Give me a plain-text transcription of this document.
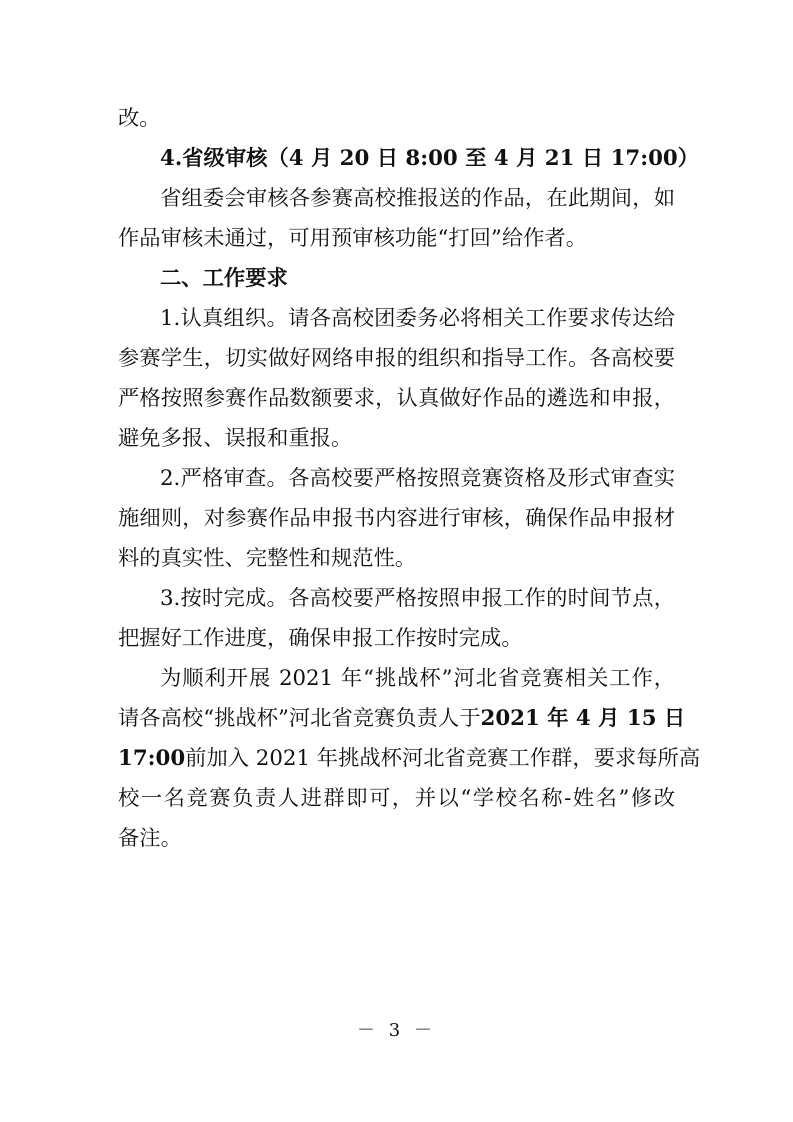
改。
4.省级审核（4 月 20 日 8:00 至 4 月 21 日 17:00）
省组委会审核各参赛高校推报送的作品，在此期间，如
作品审核未通过，可用预审核功能“打回”给作者。
二、工作要求
1.认真组织。请各高校团委务必将相关工作要求传达给
参赛学生，切实做好网络申报的组织和指导工作。各高校要
严格按照参赛作品数额要求，认真做好作品的遴选和申报，
避免多报、误报和重报。
2.严格审查。各高校要严格按照竞赛资格及形式审查实
施细则，对参赛作品申报书内容进行审核，确保作品申报材
料的真实性、完整性和规范性。
3.按时完成。各高校要严格按照申报工作的时间节点，
把握好工作进度，确保申报工作按时完成。
为顺利开展 2021 年“挑战杯”河北省竞赛相关工作，
请各高校“挑战杯”河北省竞赛负责人于2021 年 4 月 15 日
17:00前加入 2021 年挑战杯河北省竞赛工作群，要求每所高
校一名竞赛负责人进群即可，并以“学校名称-姓名”修改
备注。
－ 3 －
